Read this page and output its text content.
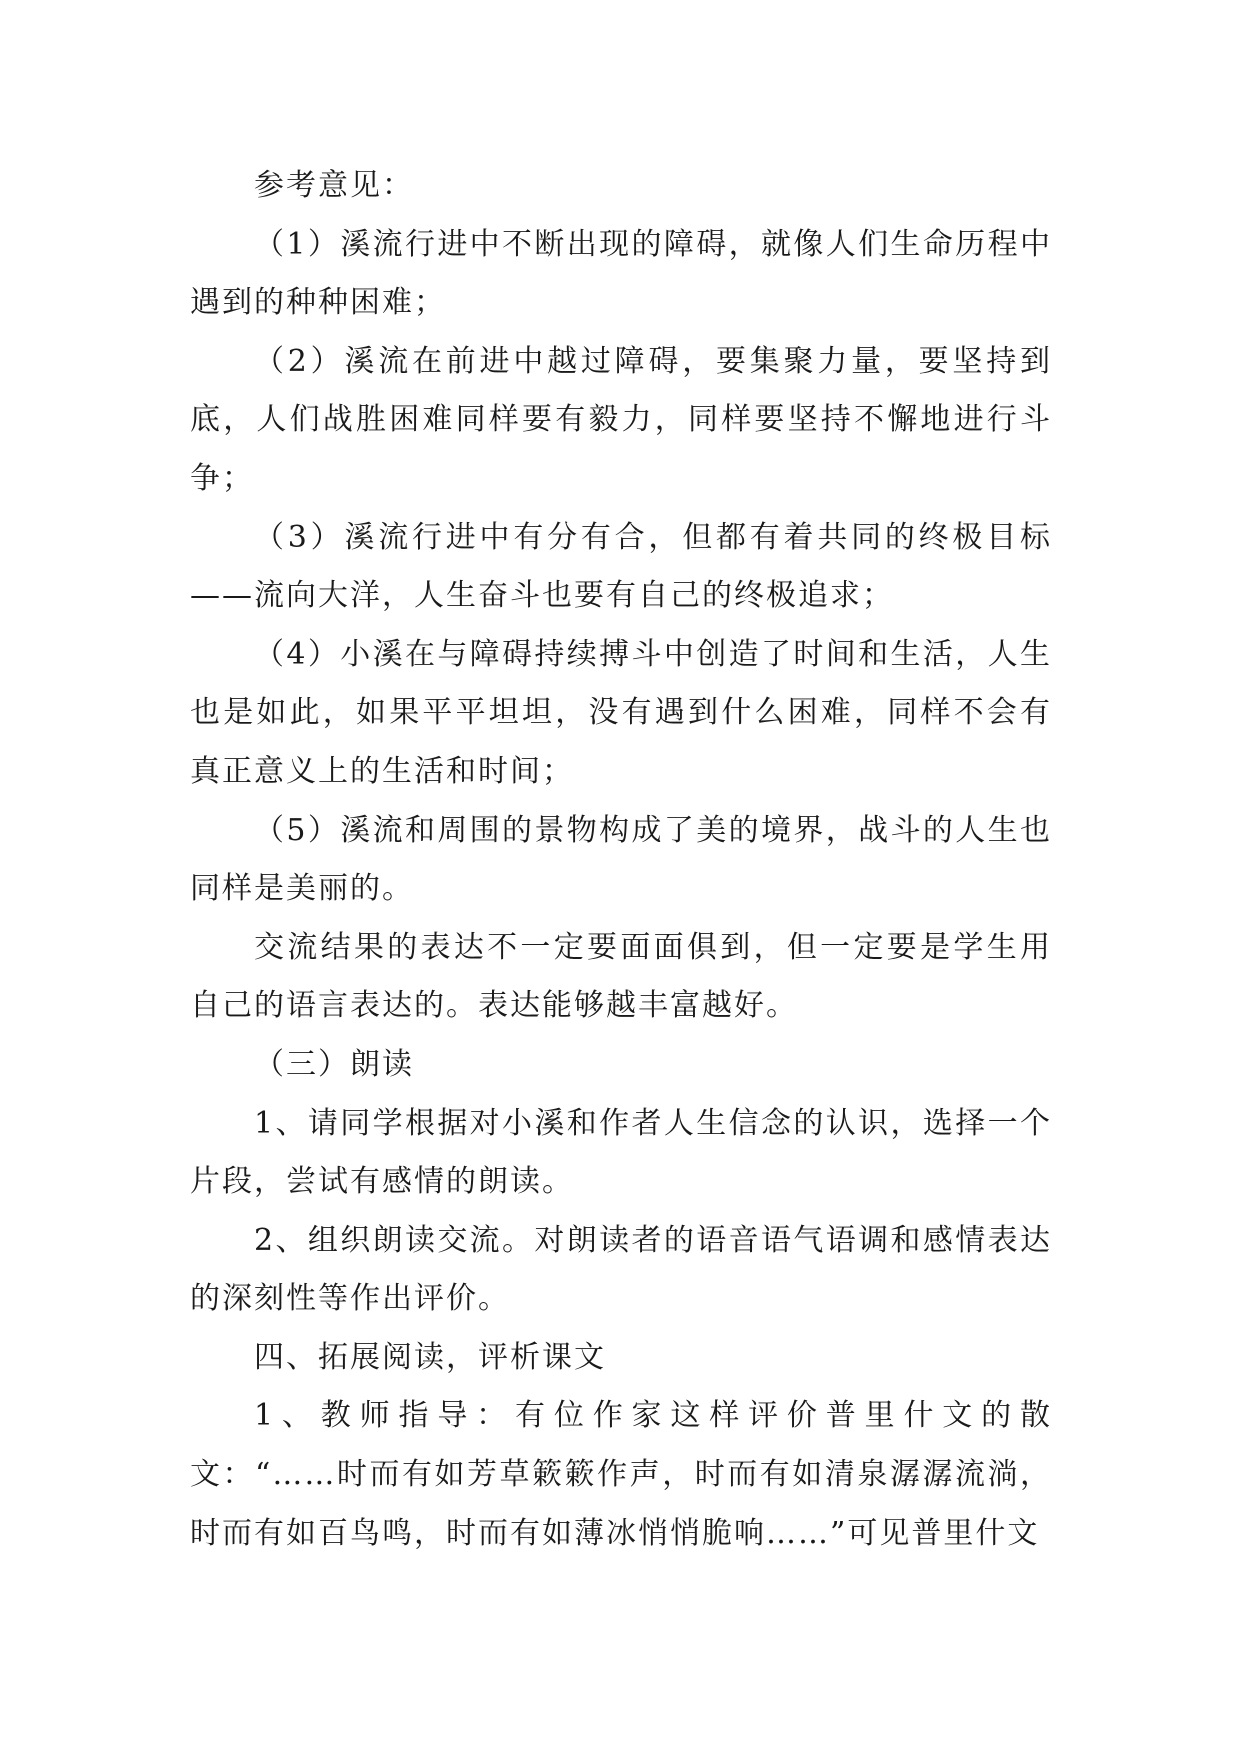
参考意见：

（1）溪流行进中不断出现的障碍，就像人们生命历程中遇到的种种困难；

（2）溪流在前进中越过障碍，要集聚力量，要坚持到底，人们战胜困难同样要有毅力，同样要坚持不懈地进行斗争；

（3）溪流行进中有分有合，但都有着共同的终极目标——流向大洋，人生奋斗也要有自己的终极追求；

（4）小溪在与障碍持续搏斗中创造了时间和生活，人生也是如此，如果平平坦坦，没有遇到什么困难，同样不会有真正意义上的生活和时间；

（5）溪流和周围的景物构成了美的境界，战斗的人生也同样是美丽的。

交流结果的表达不一定要面面俱到，但一定要是学生用自己的语言表达的。表达能够越丰富越好。

（三）朗读

1、请同学根据对小溪和作者人生信念的认识，选择一个片段，尝试有感情的朗读。

2、组织朗读交流。对朗读者的语音语气语调和感情表达的深刻性等作出评价。

四、拓展阅读，评析课文

1、教师指导：有位作家这样评价普里什文的散文：“……时而有如芳草簌簌作声，时而有如清泉潺潺流淌，时而有如百鸟鸣，时而有如薄冰悄悄脆响……”可见普里什文
